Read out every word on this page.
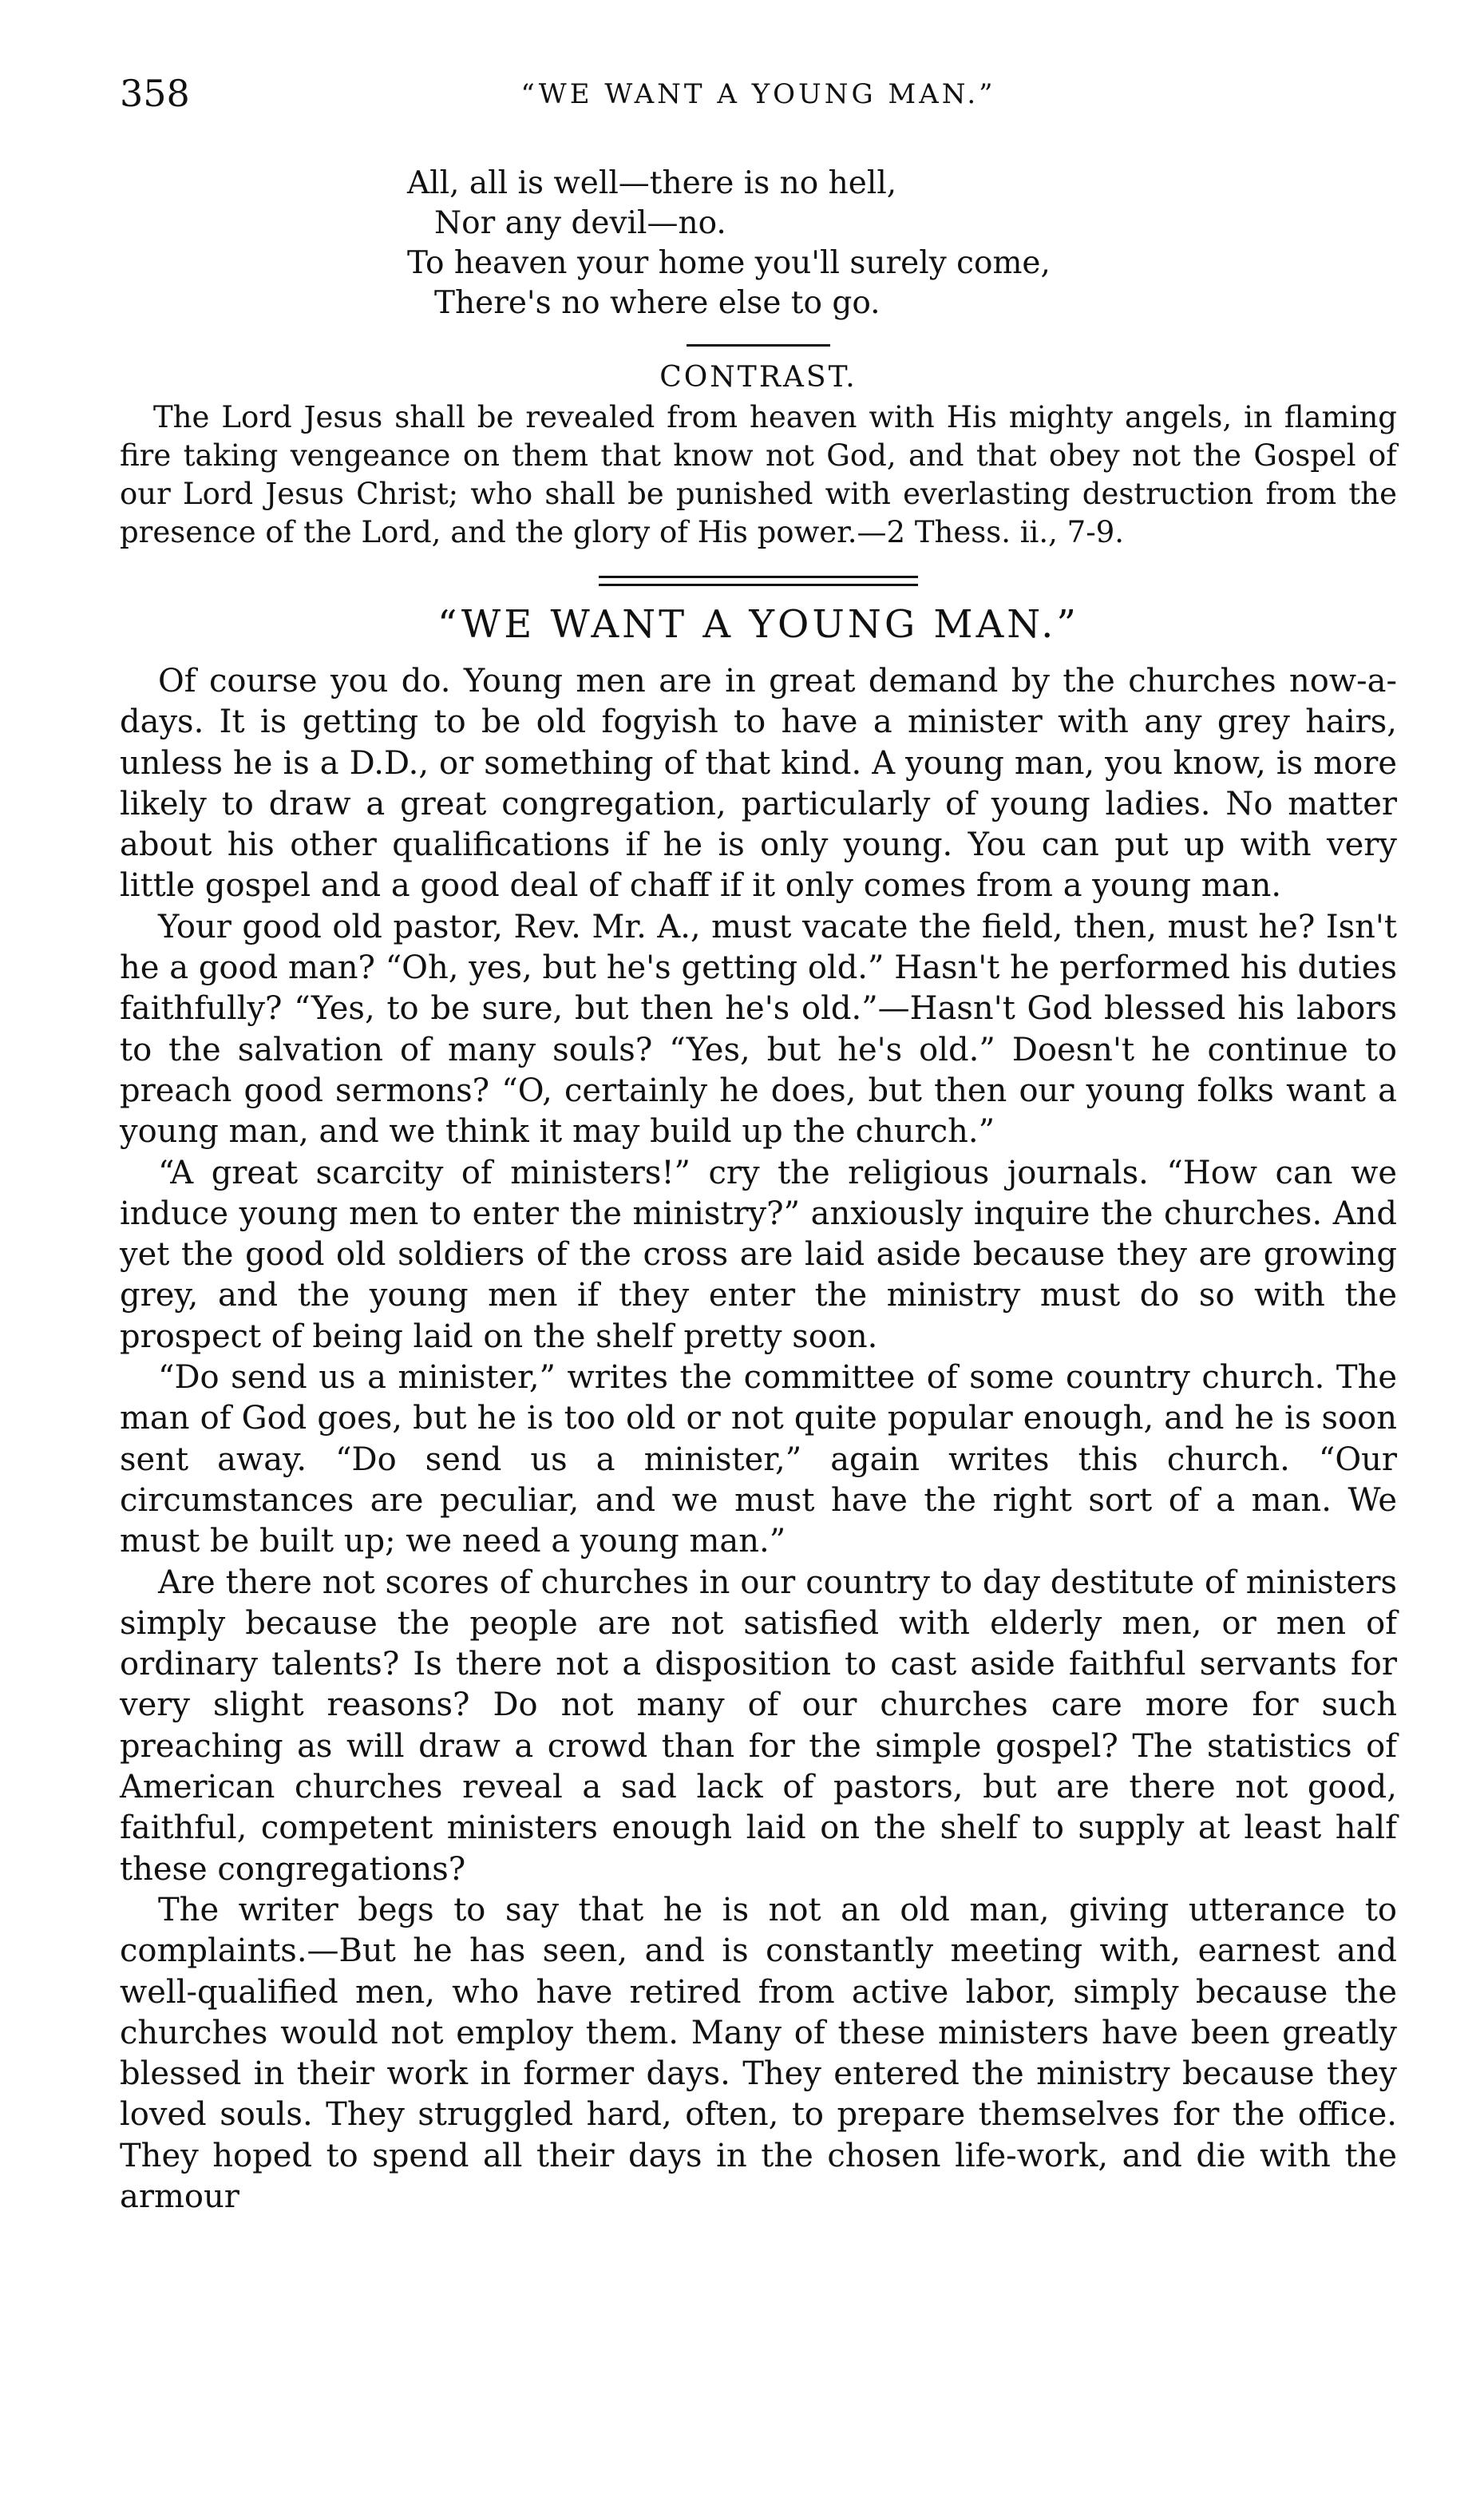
358	“WE WANT A YOUNG MAN.”
All, all is well—there is no hell,
Nor any devil—no.
To heaven your home you'll surely come,
There's no where else to go.
CONTRAST.

The Lord Jesus shall be revealed from heaven with His mighty angels, in flaming fire taking vengeance on them that know not God, and that obey not the Gospel of our Lord Jesus Christ; who shall be punished with everlasting destruction from the presence of the Lord, and the glory of His power.—2 Thess. ii., 7-9.

“WE WANT A YOUNG MAN.”

Of course you do. Young men are in great demand by the churches now-a-days. It is getting to be old fogyish to have a minister with any grey hairs, unless he is a D.D., or something of that kind. A young man, you know, is more likely to draw a great congregation, particularly of young ladies. No matter about his other qualifications if he is only young. You can put up with very little gospel and a good deal of chaff if it only comes from a young man.

Your good old pastor, Rev. Mr. A., must vacate the field, then, must he? Isn't he a good man? “Oh, yes, but he's getting old.” Hasn't he performed his duties faithfully? “Yes, to be sure, but then he's old.”—Hasn't God blessed his labors to the salvation of many souls? “Yes, but he's old.” Doesn't he continue to preach good sermons? “O, certainly he does, but then our young folks want a young man, and we think it may build up the church.”

“A great scarcity of ministers!” cry the religious journals. “How can we induce young men to enter the ministry?” anxiously inquire the churches. And yet the good old soldiers of the cross are laid aside because they are growing grey, and the young men if they enter the ministry must do so with the prospect of being laid on the shelf pretty soon.

“Do send us a minister,” writes the committee of some country church. The man of God goes, but he is too old or not quite popular enough, and he is soon sent away. “Do send us a minister,” again writes this church. “Our circumstances are peculiar, and we must have the right sort of a man. We must be built up; we need a young man.”

Are there not scores of churches in our country to day destitute of ministers simply because the people are not satisfied with elderly men, or men of ordinary talents? Is there not a disposition to cast aside faithful servants for very slight reasons? Do not many of our churches care more for such preaching as will draw a crowd than for the simple gospel? The statistics of American churches reveal a sad lack of pastors, but are there not good, faithful, competent ministers enough laid on the shelf to supply at least half these congregations?

The writer begs to say that he is not an old man, giving utterance to complaints.—But he has seen, and is constantly meeting with, earnest and well-qualified men, who have retired from active labor, simply because the churches would not employ them. Many of these ministers have been greatly blessed in their work in former days. They entered the ministry because they loved souls. They struggled hard, often, to prepare themselves for the office. They hoped to spend all their days in the chosen life-work, and die with the armour
